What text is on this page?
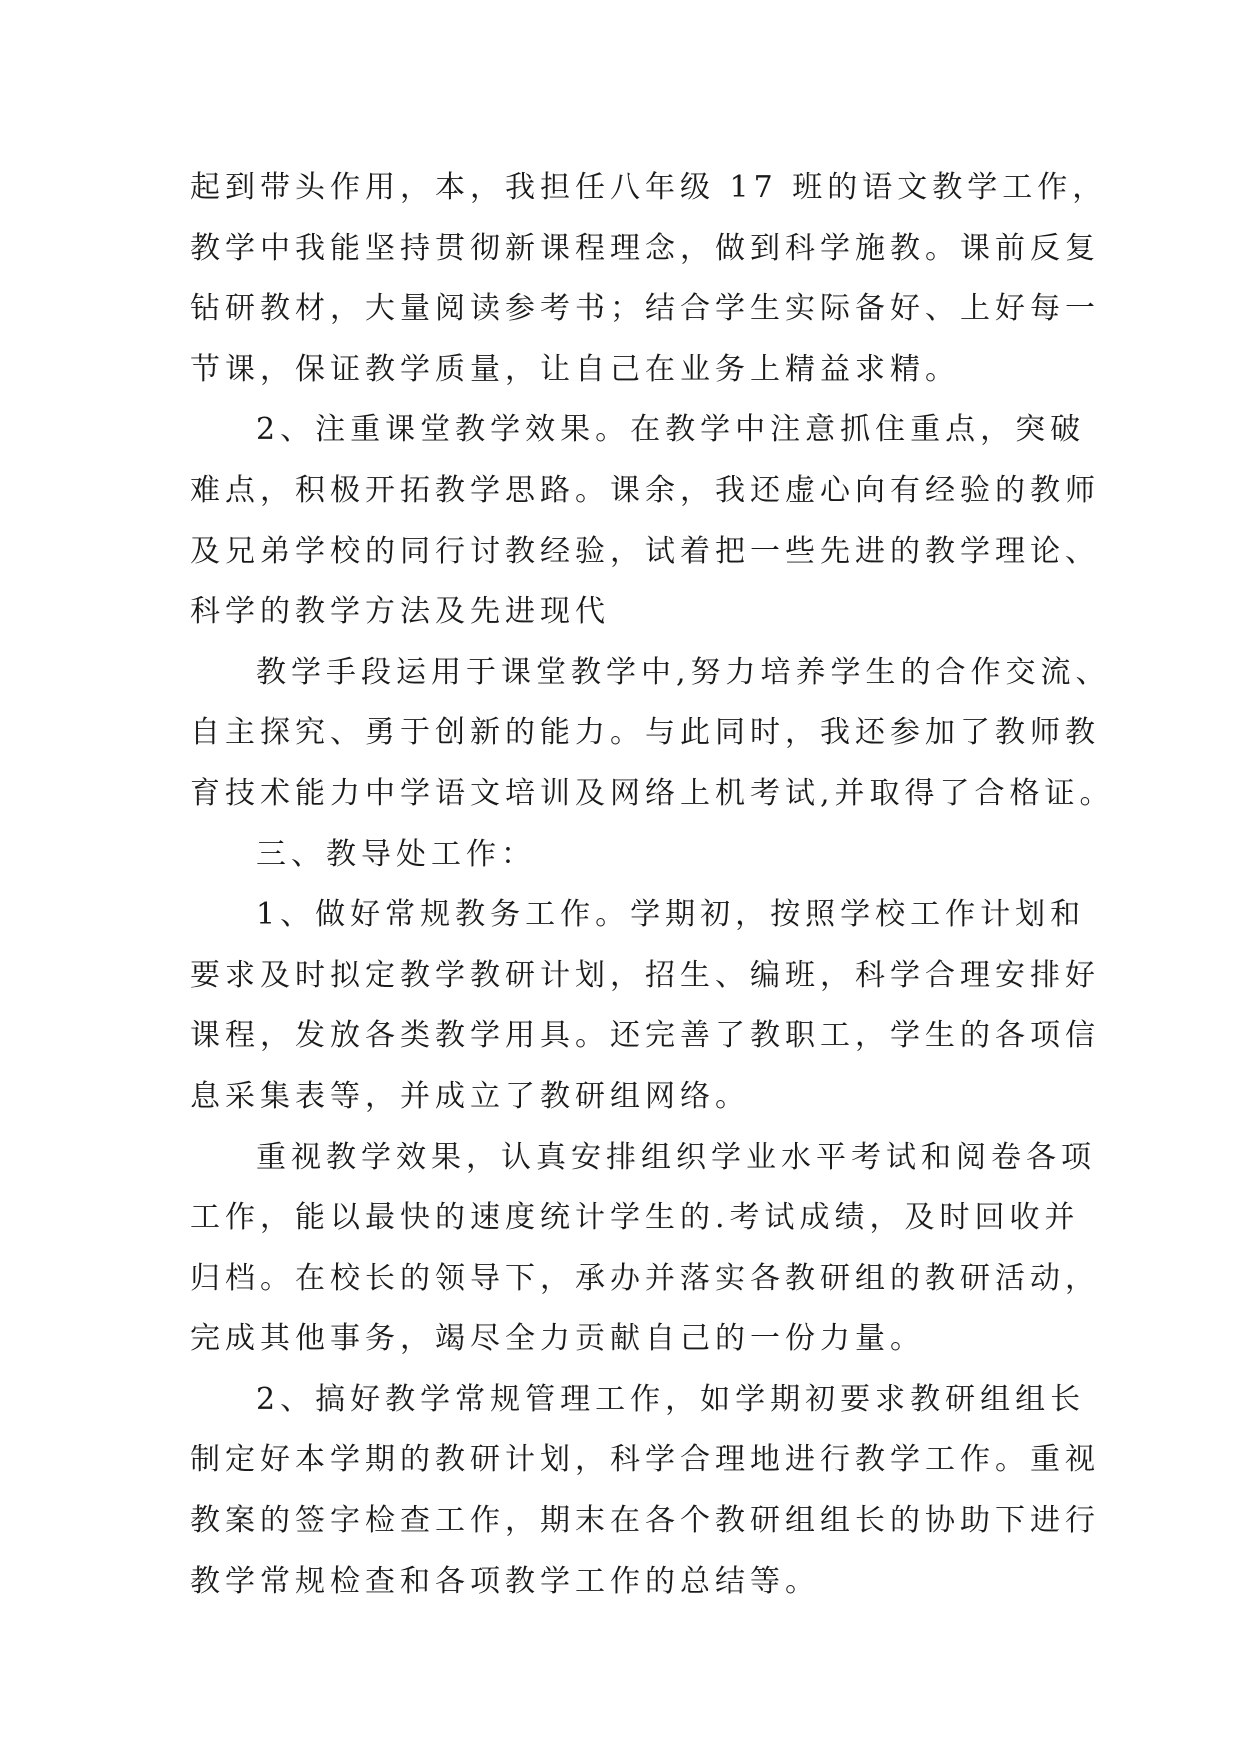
起到带头作用，本，我担任八年级 17 班的语文教学工作，
教学中我能坚持贯彻新课程理念，做到科学施教。课前反复
钻研教材，大量阅读参考书；结合学生实际备好、上好每一
节课，保证教学质量，让自己在业务上精益求精。
2、注重课堂教学效果。在教学中注意抓住重点，突破
难点，积极开拓教学思路。课余，我还虚心向有经验的教师
及兄弟学校的同行讨教经验，试着把一些先进的教学理论、
科学的教学方法及先进现代
教学手段运用于课堂教学中,努力培养学生的合作交流、
自主探究、勇于创新的能力。与此同时，我还参加了教师教
育技术能力中学语文培训及网络上机考试,并取得了合格证。
三、教导处工作：
1、做好常规教务工作。学期初，按照学校工作计划和
要求及时拟定教学教研计划，招生、编班，科学合理安排好
课程，发放各类教学用具。还完善了教职工，学生的各项信
息采集表等，并成立了教研组网络。
重视教学效果，认真安排组织学业水平考试和阅卷各项
工作，能以最快的速度统计学生的.考试成绩，及时回收并
归档。在校长的领导下，承办并落实各教研组的教研活动，
完成其他事务，竭尽全力贡献自己的一份力量。
2、搞好教学常规管理工作，如学期初要求教研组组长
制定好本学期的教研计划，科学合理地进行教学工作。重视
教案的签字检查工作，期末在各个教研组组长的协助下进行
教学常规检查和各项教学工作的总结等。
